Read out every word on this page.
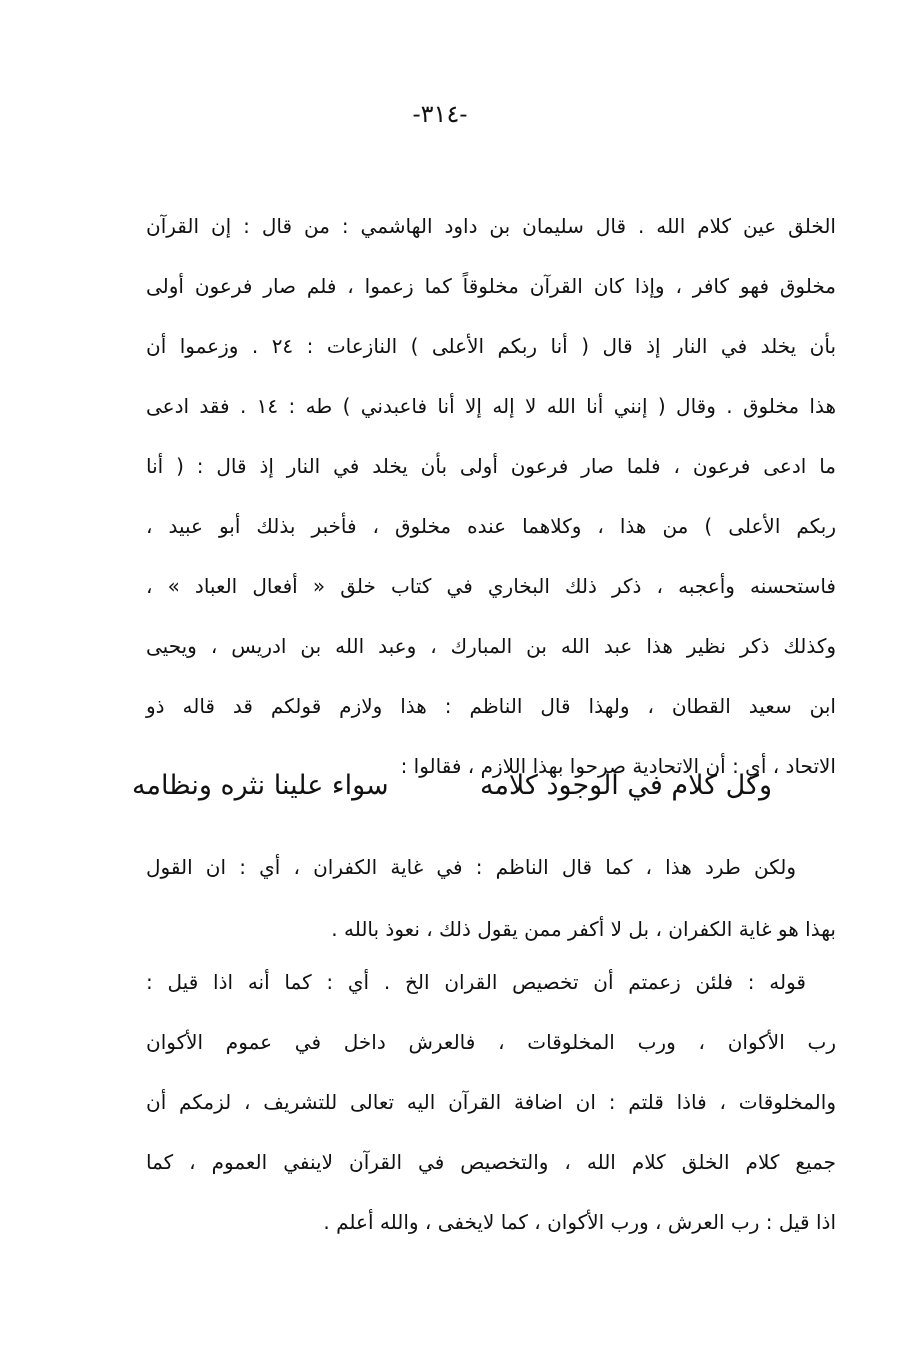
-٣١٤-
الخلق عين كلام الله . قال سليمان بن داود الهاشمي : من قال : إن القرآن
مخلوق فهو كافر ، وإذا كان القرآن مخلوقاً كما زعموا ، فلم صار فرعون أولى
بأن يخلد في النار إذ قال ( أنا ربكم الأعلى ) النازعات : ٢٤ . وزعموا أن
هذا مخلوق . وقال ( إنني أنا الله لا إله إلا أنا فاعبدني ) طه : ١٤ . فقد ادعى
ما ادعى فرعون ، فلما صار فرعون أولى بأن يخلد في النار إذ قال : ( أنا
ربكم الأعلى ) من هذا ، وكلاهما عنده مخلوق ، فأخبر بذلك أبو عبيد ،
فاستحسنه وأعجبه ، ذكر ذلك البخاري في كتاب خلق « أفعال العباد » ،
وكذلك ذكر نظير هذا عبد الله بن المبارك ، وعبد الله بن ادريس ، ويحيى
ابن سعيد القطان ، ولهذا قال الناظم : هذا ولازم قولكم قد قاله ذو
الاتحاد ، أي : أن الاتحادية صرحوا بهذا اللازم ، فقالوا :
وكل كلام في الوجود كلامه
سواء علينا نثره ونظامه
ولكن طرد هذا ، كما قال الناظم : في غاية الكفران ، أي : ان القول
بهذا هو غاية الكفران ، بل لا أكفر ممن يقول ذلك ، نعوذ بالله .
قوله : فلئن زعمتم أن تخصيص القران الخ . أي : كما أنه اذا قيل :
رب الأكوان ، ورب المخلوقات ، فالعرش داخل في عموم الأكوان
والمخلوقات ، فاذا قلتم : ان اضافة القرآن اليه تعالى للتشريف ، لزمكم أن
جميع كلام الخلق كلام الله ، والتخصيص في القرآن لاينفي العموم ، كما
اذا قيل : رب العرش ، ورب الأكوان ، كما لايخفى ، والله أعلم .
